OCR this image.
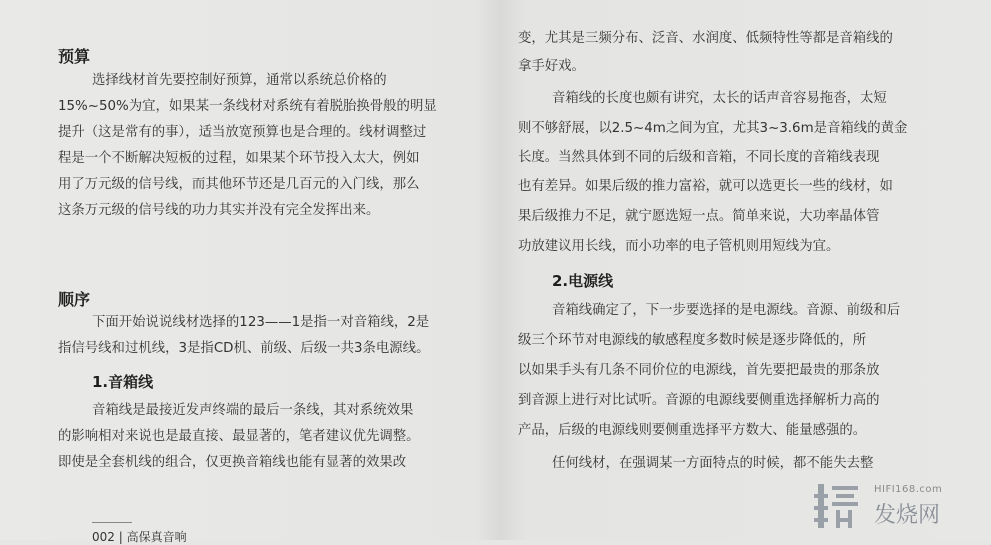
预算
选择线材首先要控制好预算，通常以系统总价格的
15%~50%为宜，如果某一条线材对系统有着脱胎换骨般的明显
提升（这是常有的事），适当放宽预算也是合理的。线材调整过
程是一个不断解决短板的过程，如果某个环节投入太大，例如
用了万元级的信号线，而其他环节还是几百元的入门线，那么
这条万元级的信号线的功力其实并没有完全发挥出来。
顺序
下面开始说说线材选择的123——1是指一对音箱线，2是
指信号线和过机线，3是指CD机、前级、后级一共3条电源线。
1.音箱线
音箱线是最接近发声终端的最后一条线，其对系统效果
的影响相对来说也是最直接、最显著的，笔者建议优先调整。
即使是全套机线的组合，仅更换音箱线也能有显著的效果改
变，尤其是三频分布、泛音、水润度、低频特性等都是音箱线的
拿手好戏。
音箱线的长度也颇有讲究，太长的话声音容易拖沓，太短
则不够舒展，以2.5~4m之间为宜，尤其3~3.6m是音箱线的黄金
长度。当然具体到不同的后级和音箱，不同长度的音箱线表现
也有差异。如果后级的推力富裕，就可以选更长一些的线材，如
果后级推力不足，就宁愿选短一点。简单来说，大功率晶体管
功放建议用长线，而小功率的电子管机则用短线为宜。
2.电源线
音箱线确定了，下一步要选择的是电源线。音源、前级和后
级三个环节对电源线的敏感程度多数时候是逐步降低的，所
以如果手头有几条不同价位的电源线，首先要把最贵的那条放
到音源上进行对比试听。音源的电源线要侧重选择解析力高的
产品，后级的电源线则要侧重选择平方数大、能量感强的。
任何线材，在强调某一方面特点的时候，都不能失去整
002 | 高保真音响
HIFI168.com
发烧网
